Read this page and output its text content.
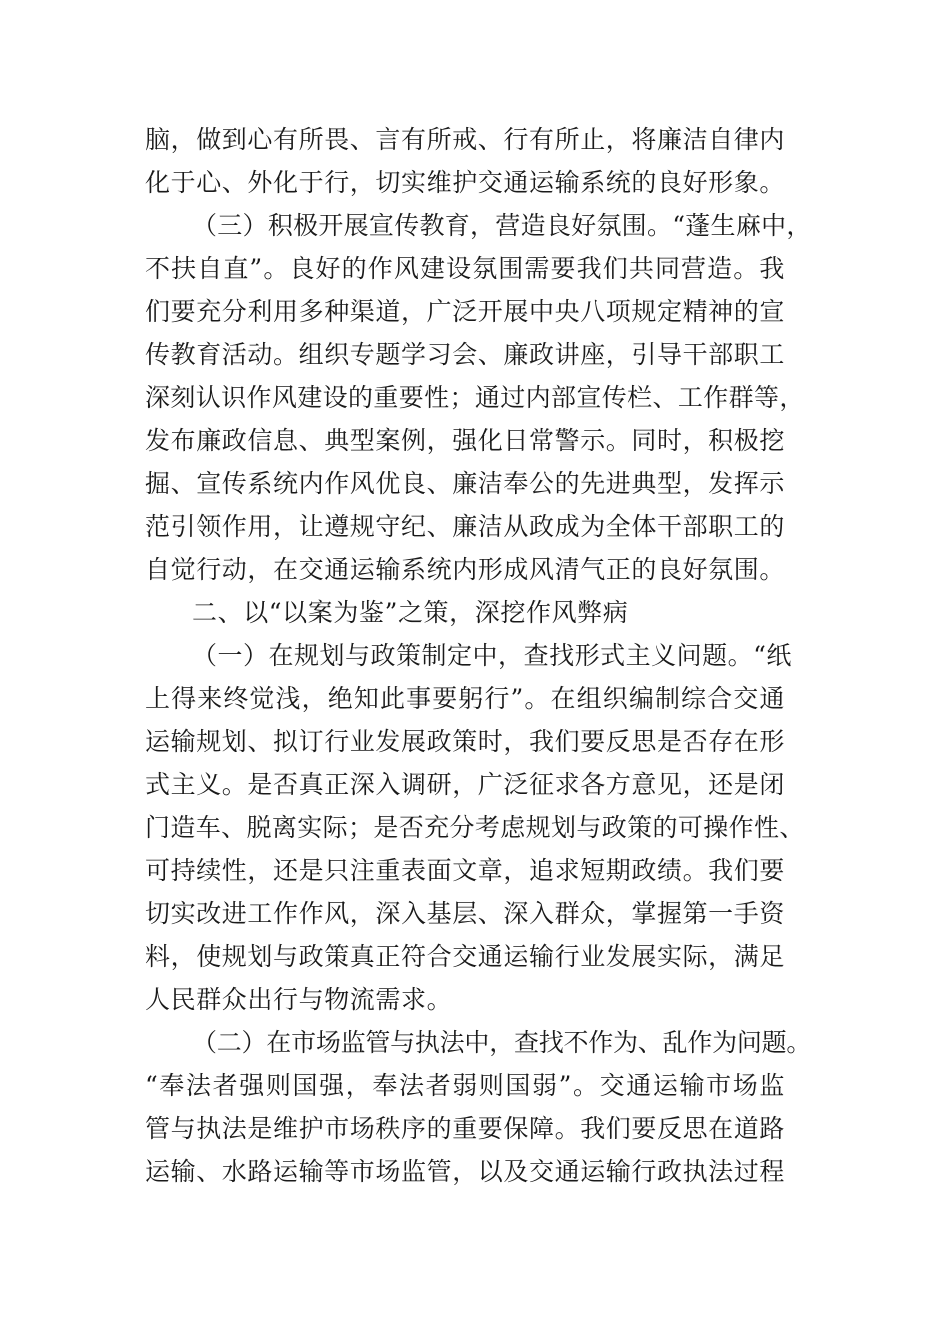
脑，做到心有所畏、言有所戒、行有所止，将廉洁自律内
化于心、外化于行，切实维护交通运输系统的良好形象。
（三）积极开展宣传教育，营造良好氛围。“蓬生麻中，
不扶自直”。良好的作风建设氛围需要我们共同营造。我
们要充分利用多种渠道，广泛开展中央八项规定精神的宣
传教育活动。组织专题学习会、廉政讲座，引导干部职工
深刻认识作风建设的重要性；通过内部宣传栏、工作群等，
发布廉政信息、典型案例，强化日常警示。同时，积极挖
掘、宣传系统内作风优良、廉洁奉公的先进典型，发挥示
范引领作用，让遵规守纪、廉洁从政成为全体干部职工的
自觉行动，在交通运输系统内形成风清气正的良好氛围。
二、以“以案为鉴”之策，深挖作风弊病
（一）在规划与政策制定中，查找形式主义问题。“纸
上得来终觉浅，绝知此事要躬行”。在组织编制综合交通
运输规划、拟订行业发展政策时，我们要反思是否存在形
式主义。是否真正深入调研，广泛征求各方意见，还是闭
门造车、脱离实际；是否充分考虑规划与政策的可操作性、
可持续性，还是只注重表面文章，追求短期政绩。我们要
切实改进工作作风，深入基层、深入群众，掌握第一手资
料，使规划与政策真正符合交通运输行业发展实际，满足
人民群众出行与物流需求。
（二）在市场监管与执法中，查找不作为、乱作为问题。
“奉法者强则国强，奉法者弱则国弱”。交通运输市场监
管与执法是维护市场秩序的重要保障。我们要反思在道路
运输、水路运输等市场监管，以及交通运输行政执法过程
